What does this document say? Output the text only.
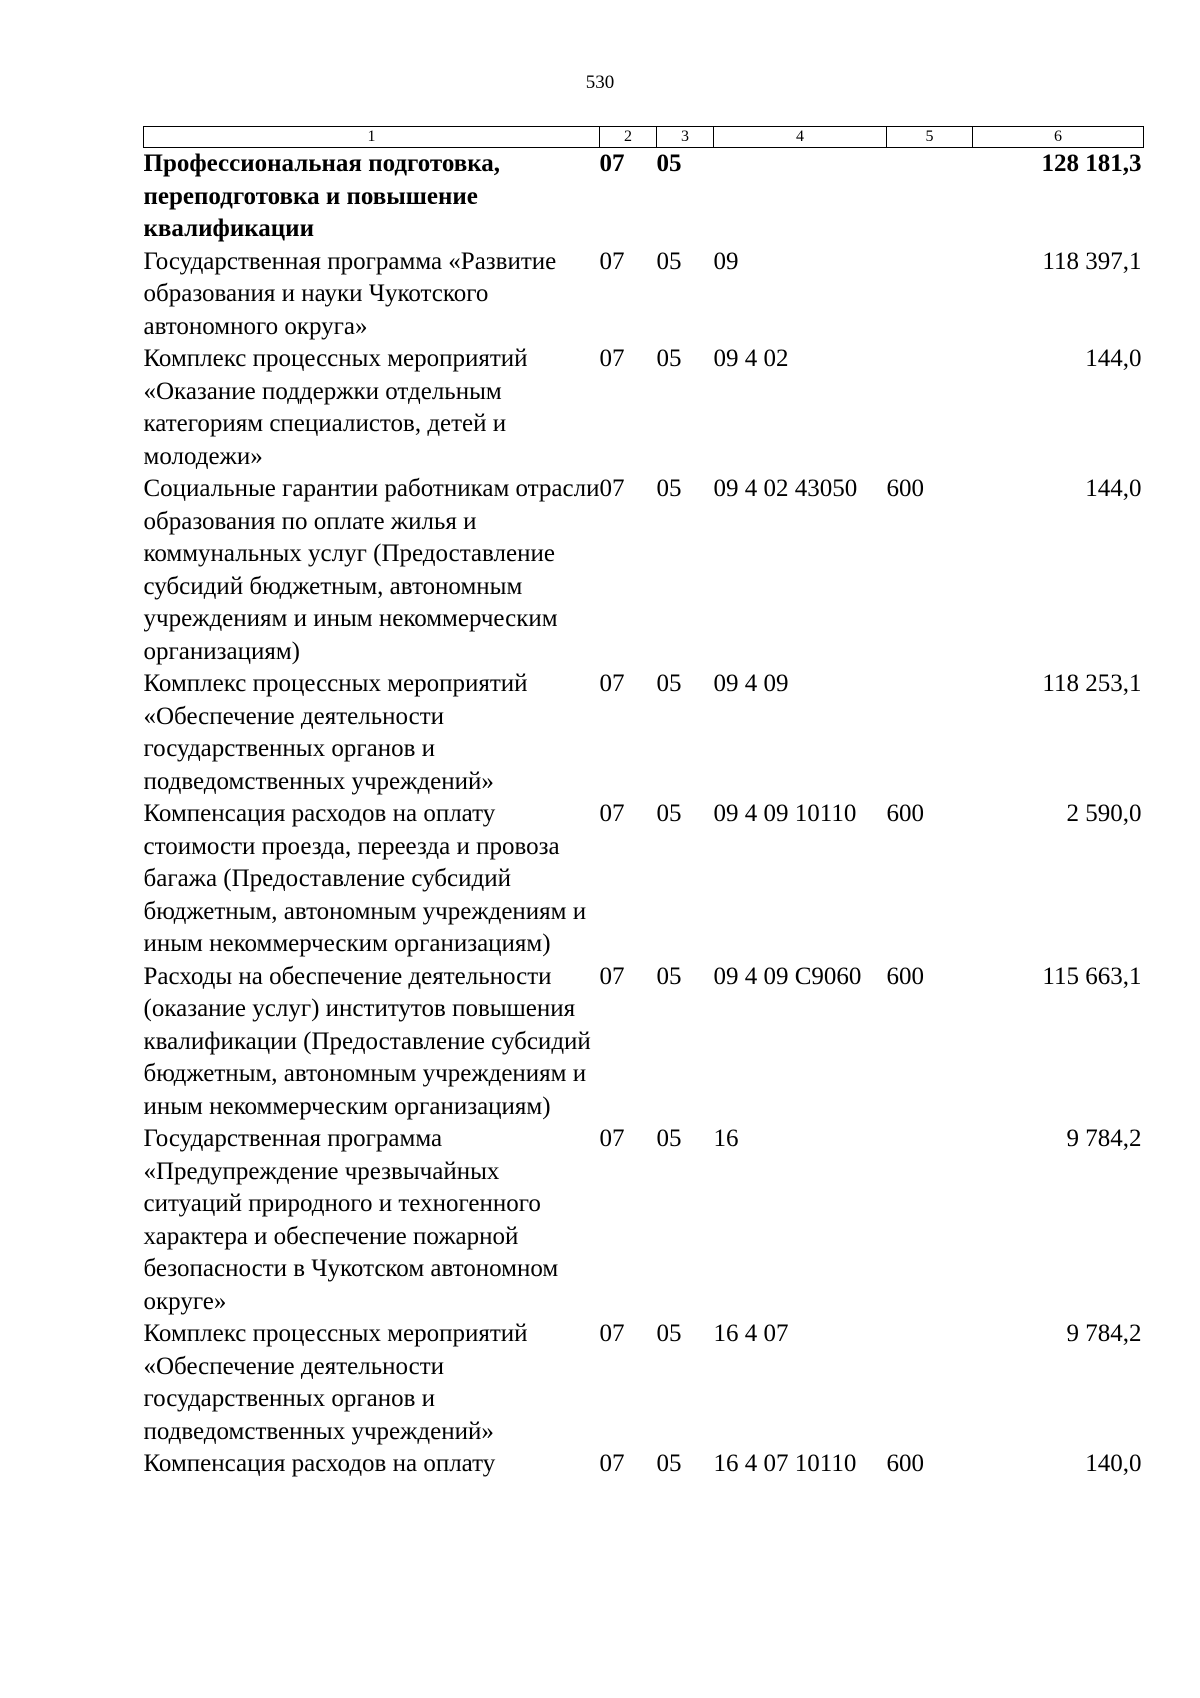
530
1	2	3	4	5	6
Профессиональная подготовка, переподготовка и повышение квалификации	07	05			128 181,3
Государственная программа «Развитие образования и науки Чукотского автономного округа»	07	05	09		118 397,1
Комплекс процессных мероприятий «Оказание поддержки отдельным категориям специалистов, детей и молодежи»	07	05	09 4 02		144,0
Социальные гарантии работникам отрасли образования по оплате жилья и коммунальных услуг (Предоставление субсидий бюджетным, автономным учреждениям и иным некоммерческим организациям)	07	05	09 4 02 43050	600	144,0
Комплекс процессных мероприятий «Обеспечение деятельности государственных органов и подведомственных учреждений»	07	05	09 4 09		118 253,1
Компенсация расходов на оплату стоимости проезда, переезда и провоза багажа (Предоставление субсидий бюджетным, автономным учреждениям и иным некоммерческим организациям)	07	05	09 4 09 10110	600	2 590,0
Расходы на обеспечение деятельности (оказание услуг) институтов повышения квалификации (Предоставление субсидий бюджетным, автономным учреждениям и иным некоммерческим организациям)	07	05	09 4 09 С9060	600	115 663,1
Государственная программа «Предупреждение чрезвычайных ситуаций природного и техногенного характера и обеспечение пожарной безопасности в Чукотском автономном округе»	07	05	16		9 784,2
Комплекс процессных мероприятий «Обеспечение деятельности государственных органов и подведомственных учреждений»	07	05	16 4 07		9 784,2
Компенсация расходов на оплату	07	05	16 4 07 10110	600	140,0
